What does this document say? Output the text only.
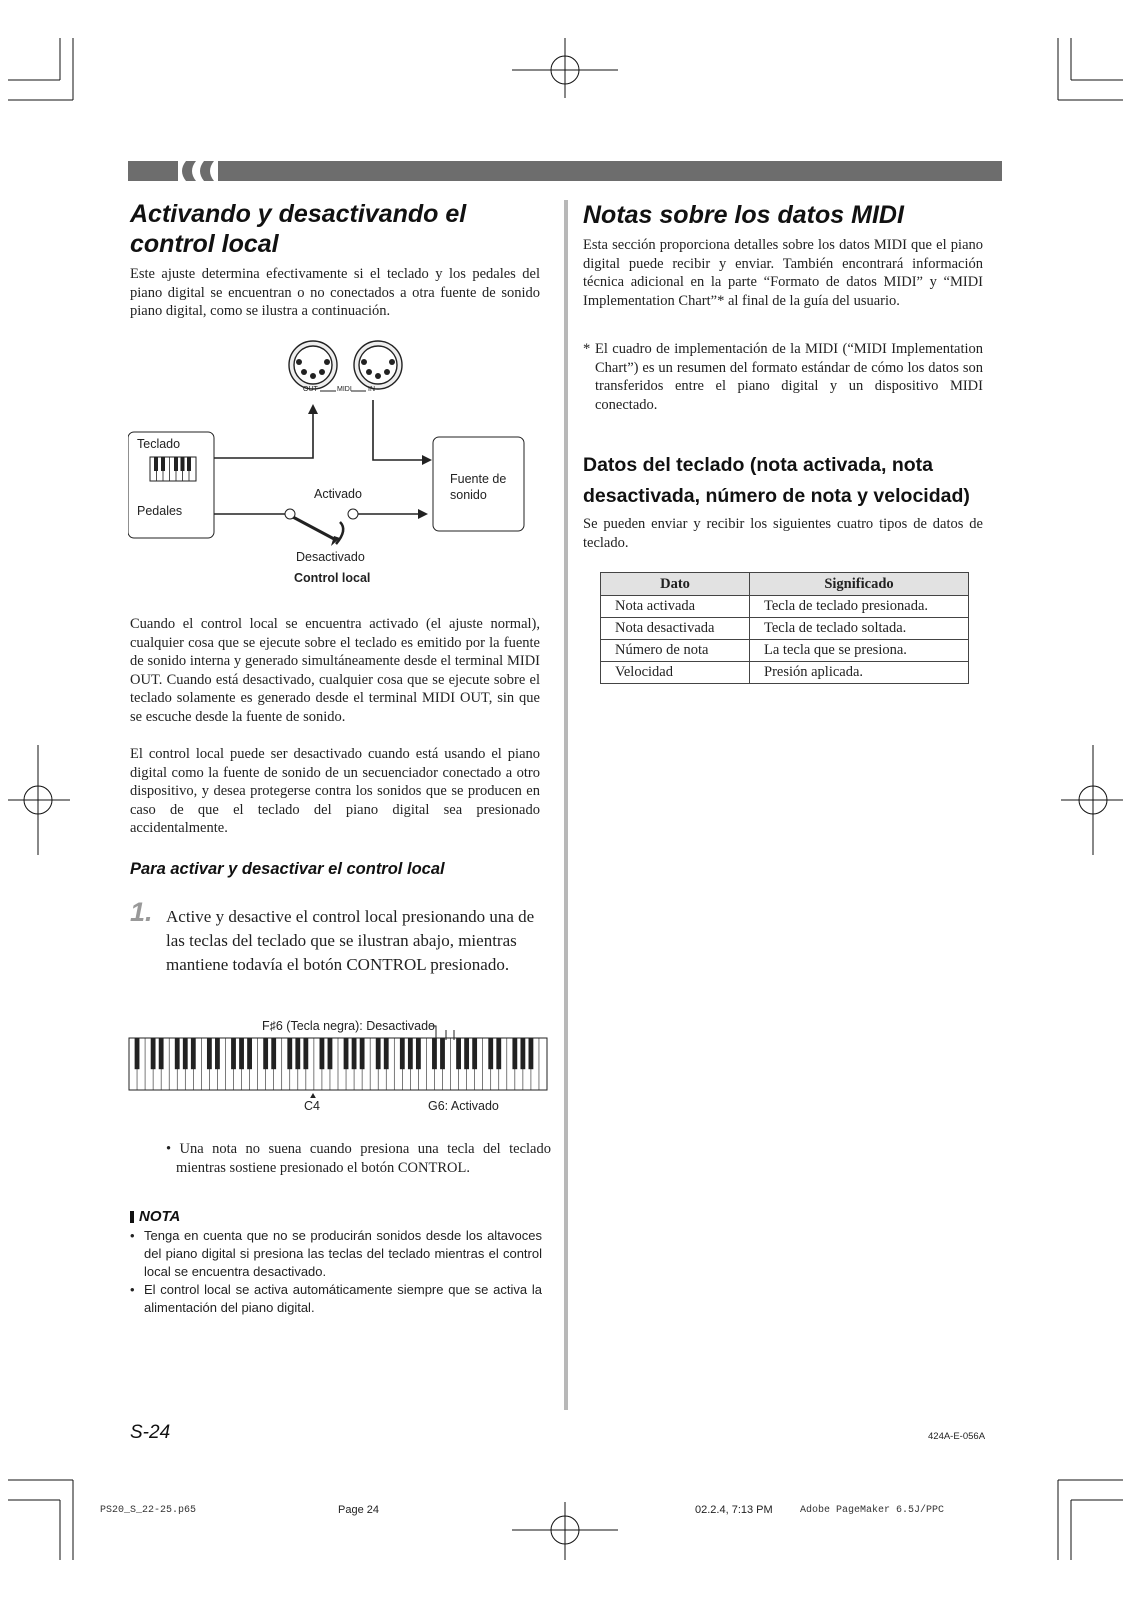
Activando y desactivando el control local
Este ajuste determina efectivamente si el teclado y los pedales del piano digital se encuentran o no conectados a otra fuente de sonido piano digital, como se ilustra a continuación.
OUT	MIDI IN
Teclado
Pedales
Activado
Fuente de sonido
Desactivado
Control local
Cuando el control local se encuentra activado (el ajuste normal), cualquier cosa que se ejecute sobre el teclado es emitido por la fuente de sonido interna y generado simultáneamente desde el terminal MIDI OUT. Cuando está desactivado, cualquier cosa que se ejecute sobre el teclado solamente es generado desde el terminal MIDI OUT, sin que se escuche desde la fuente de sonido.
El control local puede ser desactivado cuando está usando el piano digital como la fuente de sonido de un secuenciador conectado a otro dispositivo, y desea protegerse contra los sonidos que se producen en caso de que el teclado del piano digital sea presionado accidentalmente.
Para activar y desactivar el control local
1. Active y desactive el control local presionando una de las teclas del teclado que se ilustran abajo, mientras mantiene todavía el botón CONTROL presionado.
F♯6 (Tecla negra): Desactivado
C4	G6: Activado
• Una nota no suena cuando presiona una tecla del teclado mientras sostiene presionado el botón CONTROL.
NOTA
• Tenga en cuenta que no se producirán sonidos desde los altavoces del piano digital si presiona las teclas del teclado mientras el control local se encuentra desactivado.
• El control local se activa automáticamente siempre que se activa la alimentación del piano digital.
Notas sobre los datos MIDI
Esta sección proporciona detalles sobre los datos MIDI que el piano digital puede recibir y enviar. También encontrará información técnica adicional en la parte “Formato de datos MIDI” y “MIDI Implementation Chart”* al final de la guía del usuario.
* El cuadro de implementación de la MIDI (“MIDI Implementation Chart”) es un resumen del formato estándar de cómo los datos son transferidos entre el piano digital y un dispositivo MIDI conectado.
Datos del teclado (nota activada, nota desactivada, número de nota y velocidad)
Se pueden enviar y recibir los siguientes cuatro tipos de datos de teclado.
Dato	Significado
Nota activada	Tecla de teclado presionada.
Nota desactivada	Tecla de teclado soltada.
Número de nota	La tecla que se presiona.
Velocidad	Presión aplicada.
S-24	424A-E-056A
PS20_S_22-25.p65	Page 24	02.2.4, 7:13 PM	Adobe PageMaker 6.5J/PPC
